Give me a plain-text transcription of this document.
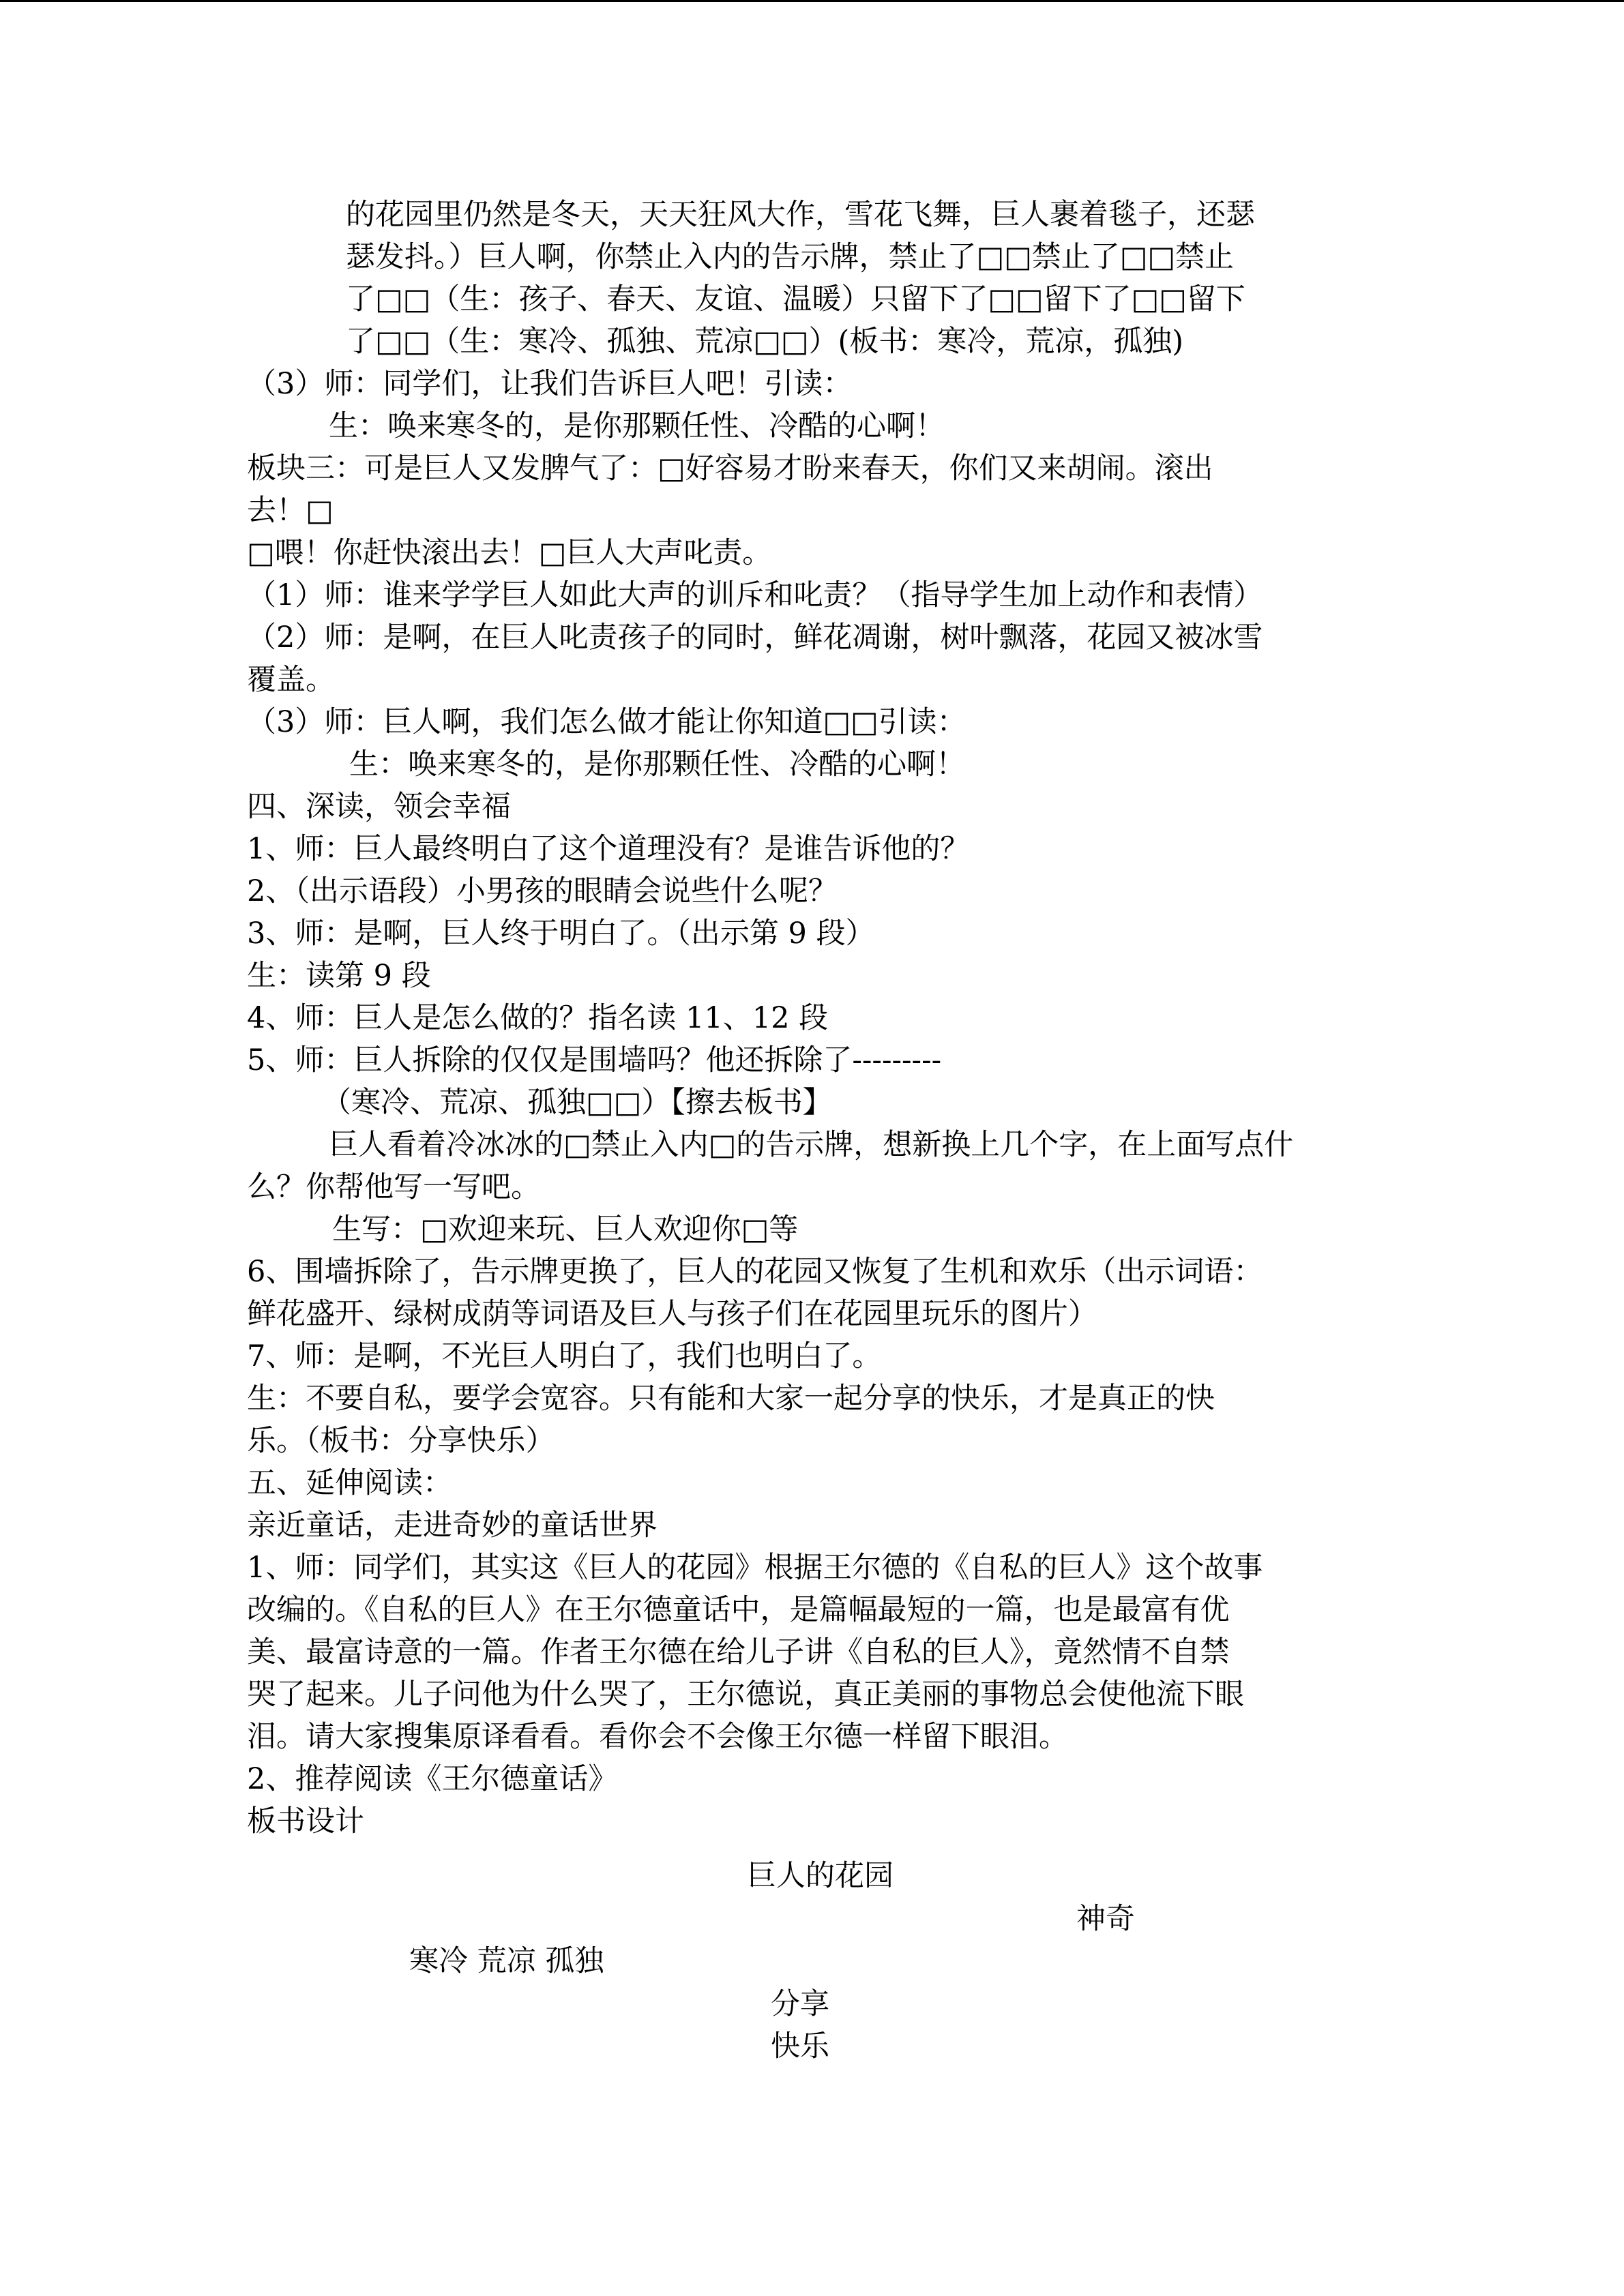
的花园里仍然是冬天，天天狂风大作，雪花飞舞，巨人裹着毯子，还瑟

瑟发抖。）巨人啊，你禁止入内的告示牌，禁止了□□禁止了□□禁止

了□□（生：孩子、春天、友谊、温暖）只留下了□□留下了□□留下

了□□（生：寒冷、孤独、荒凉□□）(板书：寒冷，荒凉，孤独)

（3）师：同学们，让我们告诉巨人吧！引读：

生：唤来寒冬的，是你那颗任性、冷酷的心啊！

板块三：可是巨人又发脾气了：□好容易才盼来春天，你们又来胡闹。滚出

去！□

□喂！你赶快滚出去！□巨人大声叱责。

（1）师：谁来学学巨人如此大声的训斥和叱责？（指导学生加上动作和表情）

（2）师：是啊，在巨人叱责孩子的同时，鲜花凋谢，树叶飘落，花园又被冰雪

覆盖。

（3）师：巨人啊，我们怎么做才能让你知道□□引读：

生：唤来寒冬的，是你那颗任性、冷酷的心啊！

四、深读，领会幸福

1、师：巨人最终明白了这个道理没有？是谁告诉他的？

2、（出示语段）小男孩的眼睛会说些什么呢？

3、师：是啊，巨人终于明白了。（出示第 9 段）

生：读第 9 段

4、师：巨人是怎么做的？指名读 11、12 段

5、师：巨人拆除的仅仅是围墙吗？他还拆除了---------

（寒冷、荒凉、孤独□□）【擦去板书】

巨人看着冷冰冰的□禁止入内□的告示牌，想新换上几个字，在上面写点什

么？你帮他写一写吧。

生写：□欢迎来玩、巨人欢迎你□等

6、围墙拆除了，告示牌更换了，巨人的花园又恢复了生机和欢乐（出示词语：

鲜花盛开、绿树成荫等词语及巨人与孩子们在花园里玩乐的图片）

7、师：是啊，不光巨人明白了，我们也明白了。

生：不要自私，要学会宽容。只有能和大家一起分享的快乐，才是真正的快

乐。（板书：分享快乐）

五、延伸阅读：

亲近童话，走进奇妙的童话世界

1、师：同学们，其实这《巨人的花园》根据王尔德的《自私的巨人》这个故事

改编的。《自私的巨人》在王尔德童话中，是篇幅最短的一篇，也是最富有优

美、最富诗意的一篇。作者王尔德在给儿子讲《自私的巨人》，竟然情不自禁

哭了起来。儿子问他为什么哭了，王尔德说，真正美丽的事物总会使他流下眼

泪。请大家搜集原译看看。看你会不会像王尔德一样留下眼泪。

2、推荐阅读《王尔德童话》

板书设计

巨人的花园
神奇
寒冷 荒凉 孤独
分享
快乐
